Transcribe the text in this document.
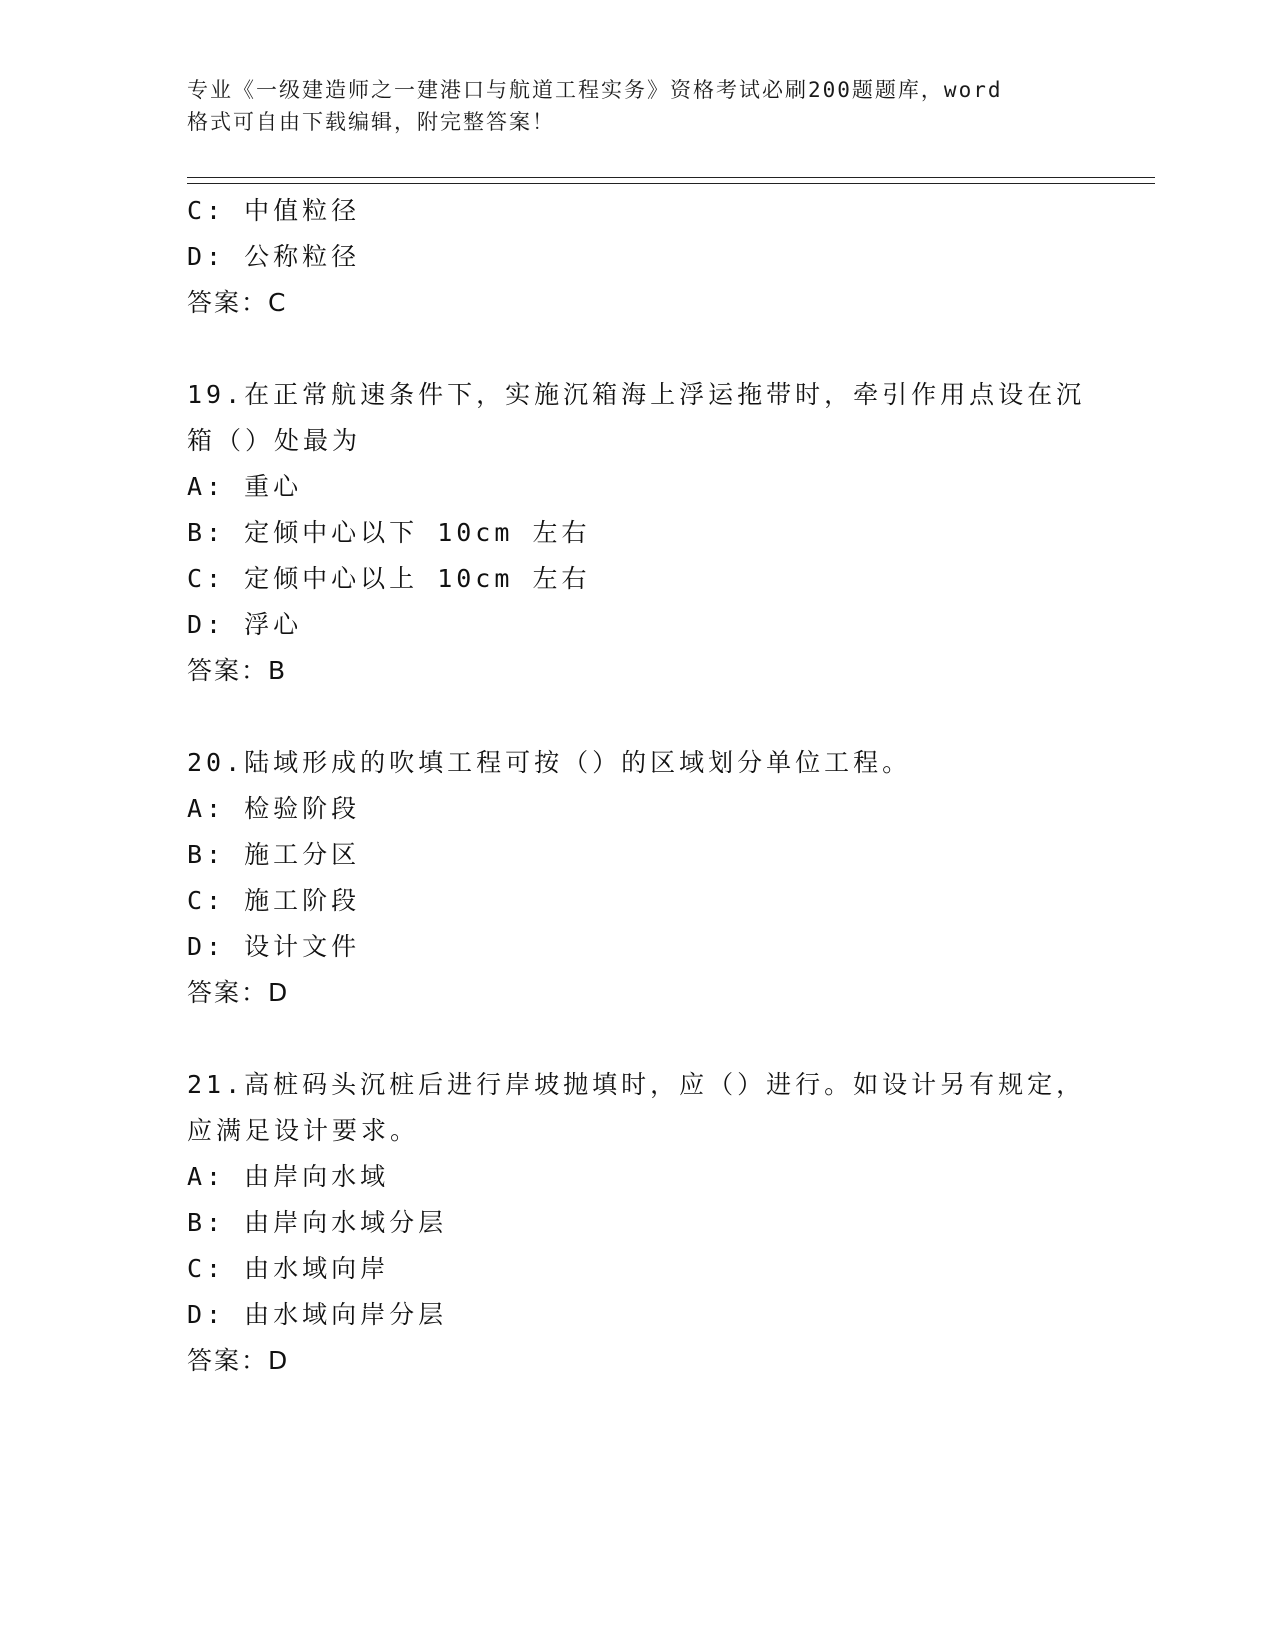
专业《一级建造师之一建港口与航道工程实务》资格考试必刷200题题库，word
格式可自由下载编辑，附完整答案！
C: 中值粒径
D: 公称粒径
答案：C
19.在正常航速条件下，实施沉箱海上浮运拖带时，牵引作用点设在沉
箱（）处最为
A: 重心
B: 定倾中心以下 10cm 左右
C: 定倾中心以上 10cm 左右
D: 浮心
答案：B
20.陆域形成的吹填工程可按（）的区域划分单位工程。
A: 检验阶段
B: 施工分区
C: 施工阶段
D: 设计文件
答案：D
21.高桩码头沉桩后进行岸坡抛填时，应（）进行。如设计另有规定，
应满足设计要求。
A: 由岸向水域
B: 由岸向水域分层
C: 由水域向岸
D: 由水域向岸分层
答案：D
